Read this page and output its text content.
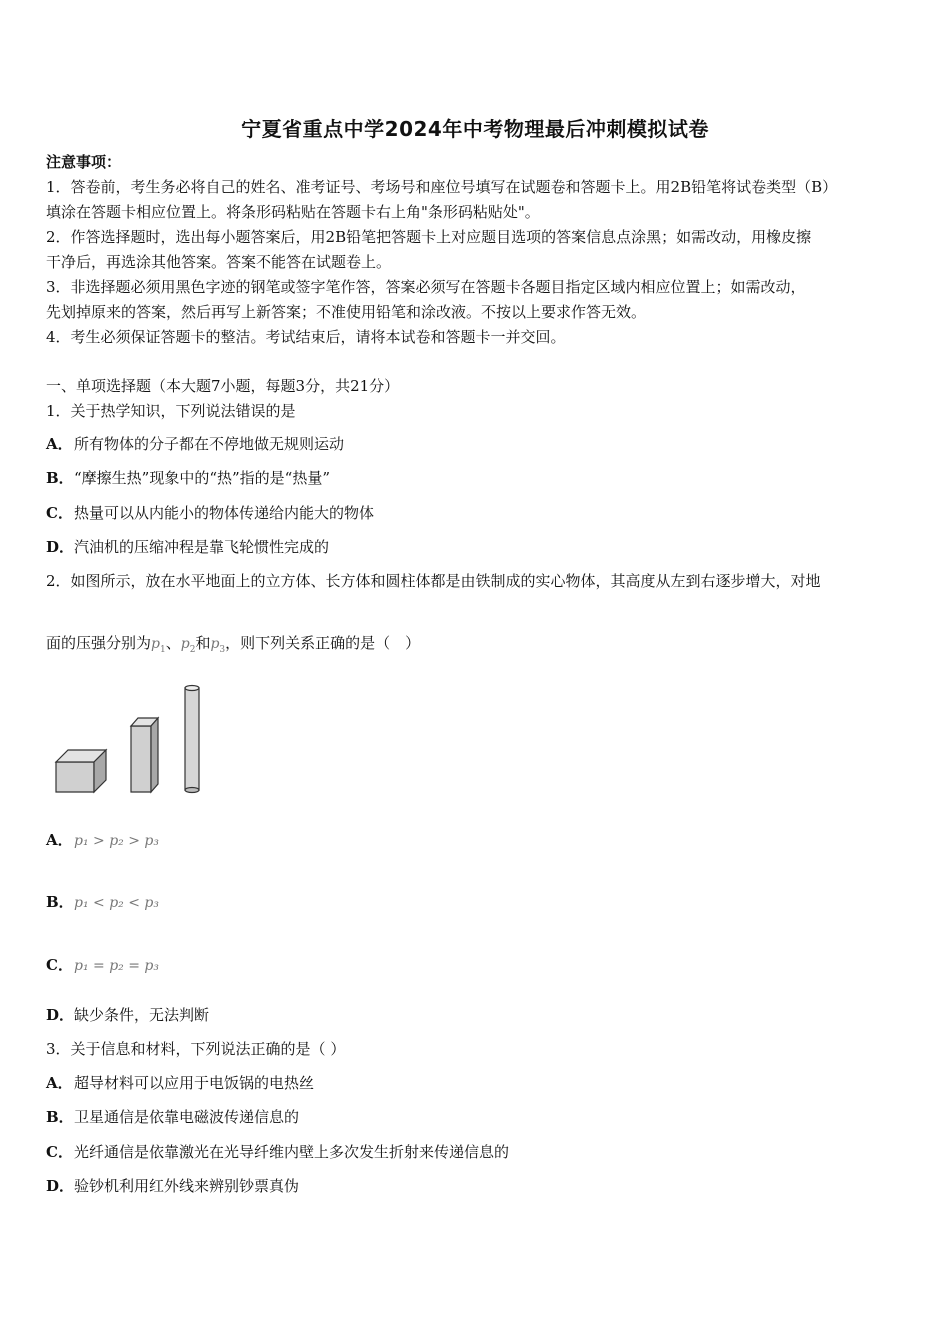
宁夏省重点中学2024年中考物理最后冲刺模拟试卷
注意事项：
1．答卷前，考生务必将自己的姓名、准考证号、考场号和座位号填写在试题卷和答题卡上。用2B铅笔将试卷类型（B）
填涂在答题卡相应位置上。将条形码粘贴在答题卡右上角"条形码粘贴处"。
2．作答选择题时，选出每小题答案后，用2B铅笔把答题卡上对应题目选项的答案信息点涂黑；如需改动，用橡皮擦
干净后，再选涂其他答案。答案不能答在试题卷上。
3．非选择题必须用黑色字迹的钢笔或签字笔作答，答案必须写在答题卡各题目指定区域内相应位置上；如需改动，
先划掉原来的答案，然后再写上新答案；不准使用铅笔和涂改液。不按以上要求作答无效。
4．考生必须保证答题卡的整洁。考试结束后，请将本试卷和答题卡一并交回。
一、单项选择题（本大题7小题，每题3分，共21分）
1．关于热学知识，下列说法错误的是
A．所有物体的分子都在不停地做无规则运动
B．“摩擦生热”现象中的“热”指的是“热量”
C．热量可以从内能小的物体传递给内能大的物体
D．汽油机的压缩冲程是靠飞轮惯性完成的
2．如图所示，放在水平地面上的立方体、长方体和圆柱体都是由铁制成的实心物体，其高度从左到右逐步增大，对地
面的压强分别为$p_1$、$p_2$和$p_3$，则下列关系正确的是（　）
A．p₁ > p₂ > p₃
B．p₁ < p₂ < p₃
C．p₁ = p₂ = p₃
D．缺少条件，无法判断
3．关于信息和材料，下列说法正确的是（ ）
A．超导材料可以应用于电饭锅的电热丝
B．卫星通信是依靠电磁波传递信息的
C．光纤通信是依靠激光在光导纤维内壁上多次发生折射来传递信息的
D．验钞机利用红外线来辨别钞票真伪
